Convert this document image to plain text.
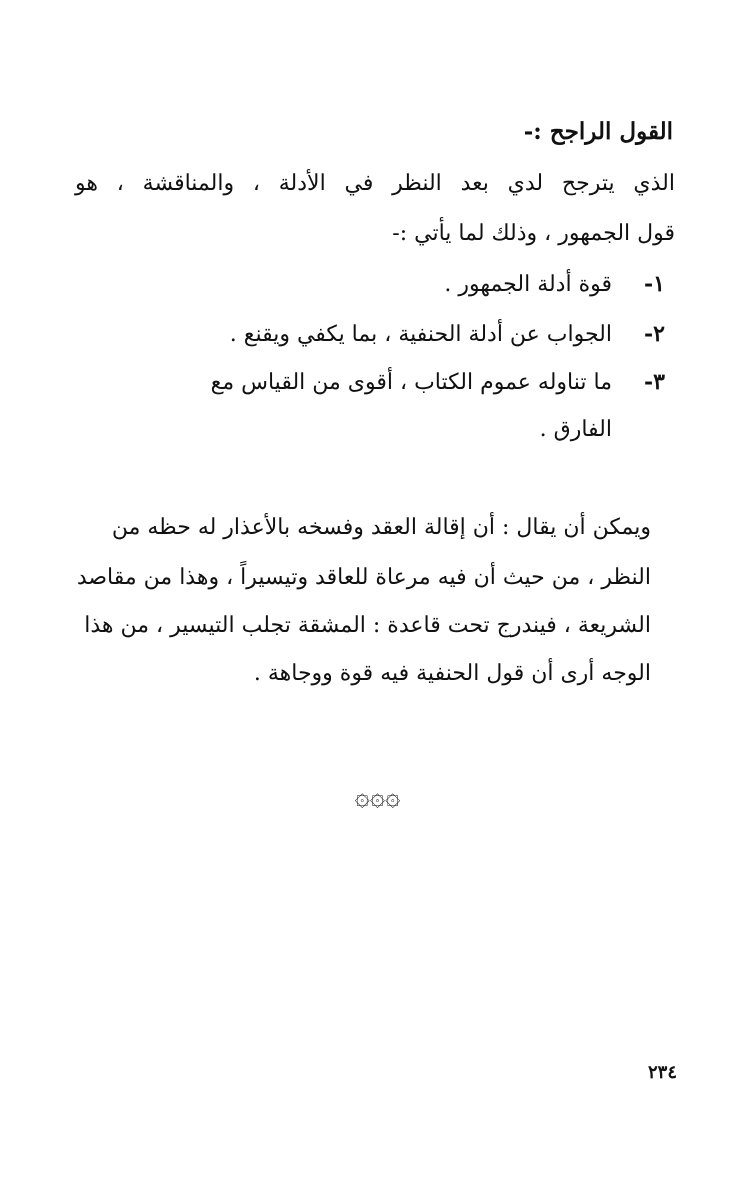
القول الراجح :-
الذي يترجح لدي بعد النظر في الأدلة ، والمناقشة ، هو
قول الجمهور ، وذلك لما يأتي :-
١- قوة أدلة الجمهور .
٢- الجواب عن أدلة الحنفية ، بما يكفي ويقنع .
٣- ما تناوله عموم الكتاب ، أقوى من القياس مع
الفارق .
ويمكن أن يقال : أن إقالة العقد وفسخه بالأعذار له حظه من
النظر ، من حيث أن فيه مرعاة للعاقد وتيسيراً ، وهذا من مقاصد
الشريعة ، فيندرج تحت قاعدة : المشقة تجلب التيسير ، من هذا
الوجه أرى أن قول الحنفية فيه قوة ووجاهة .
۞۞۞
٢٣٤
